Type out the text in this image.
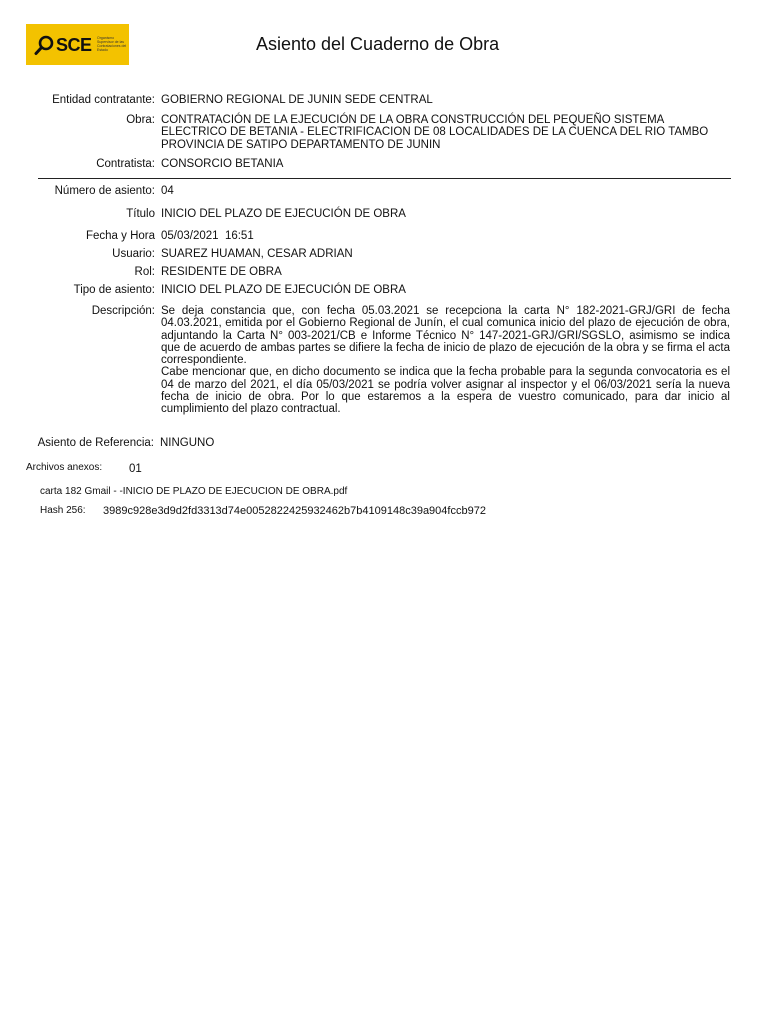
SCE Organismo Supervisor de las Contrataciones del Estado	Asiento del Cuaderno de Obra
Entidad contratante: GOBIERNO REGIONAL DE JUNIN SEDE CENTRAL
Obra: CONTRATACIÓN DE LA EJECUCIÓN DE LA OBRA CONSTRUCCIÓN DEL PEQUEÑO SISTEMA
ELECTRICO DE BETANIA - ELECTRIFICACION DE 08 LOCALIDADES DE LA CUENCA DEL RIO TAMBO
PROVINCIA DE SATIPO DEPARTAMENTO DE JUNIN
Contratista: CONSORCIO BETANIA
Número de asiento: 04
Título INICIO DEL PLAZO DE EJECUCIÓN DE OBRA
Fecha y Hora 05/03/2021  16:51
Usuario: SUAREZ HUAMAN, CESAR ADRIAN
Rol: RESIDENTE DE OBRA
Tipo de asiento: INICIO DEL PLAZO DE EJECUCIÓN DE OBRA
Descripción: Se deja constancia que, con fecha 05.03.2021 se recepciona la carta N° 182-2021-GRJ/GRI de fecha 04.03.2021, emitida por el Gobierno Regional de Junín, el cual comunica inicio del plazo de ejecución de obra, adjuntando la Carta N° 003-2021/CB e Informe Técnico N° 147-2021-GRJ/GRI/SGSLO, asimismo se indica que de acuerdo de ambas partes se difiere la fecha de inicio de plazo de ejecución de la obra y se firma el acta correspondiente.

Cabe mencionar que, en dicho documento se indica que la fecha probable para la segunda convocatoria es el 04 de marzo del 2021, el día 05/03/2021 se podría volver asignar al inspector y el 06/03/2021 sería la nueva fecha de inicio de obra. Por lo que estaremos a la espera de vuestro comunicado, para dar inicio al cumplimiento del plazo contractual.

Asiento de Referencia: NINGUNO
Archivos anexos: 01
carta 182 Gmail - -INICIO DE PLAZO DE EJECUCION DE OBRA.pdf
Hash 256: 3989c928e3d9d2fd3313d74e0052822425932462b7b4109148c39a904fccb972
